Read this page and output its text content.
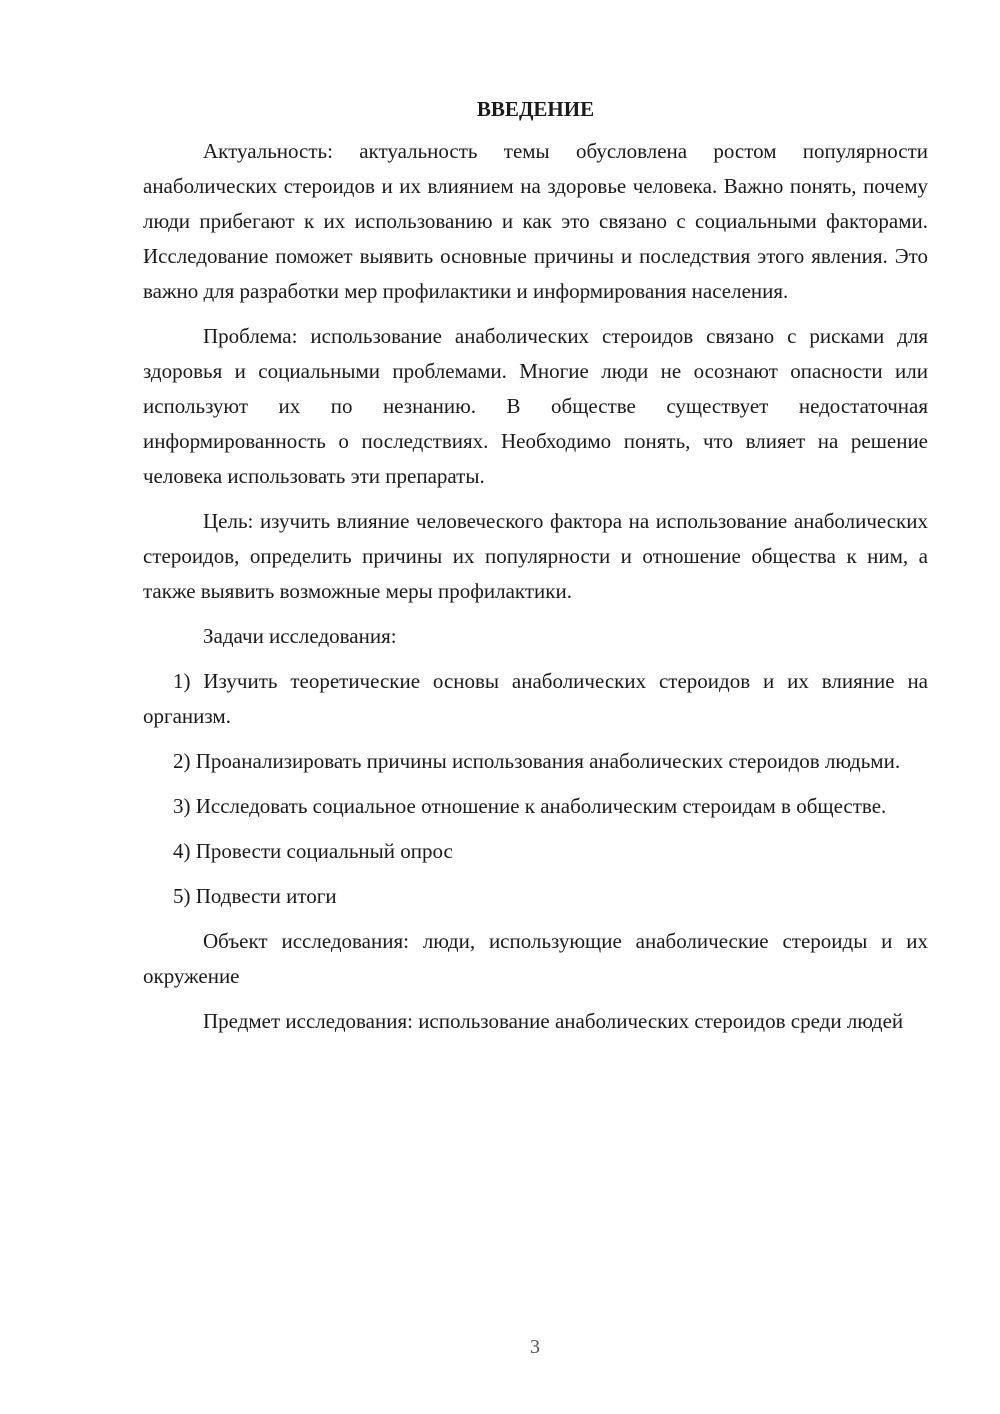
ВВЕДЕНИЕ

Актуальность: актуальность темы обусловлена ростом популярности анаболических стероидов и их влиянием на здоровье человека. Важно понять, почему люди прибегают к их использованию и как это связано с социальными факторами. Исследование поможет выявить основные причины и последствия этого явления. Это важно для разработки мер профилактики и информирования населения.

Проблема: использование анаболических стероидов связано с рисками для здоровья и социальными проблемами. Многие люди не осознают опасности или используют их по незнанию. В обществе существует недостаточная информированность о последствиях. Необходимо понять, что влияет на решение человека использовать эти препараты.

Цель: изучить влияние человеческого фактора на использование анаболических стероидов, определить причины их популярности и отношение общества к ним, а также выявить возможные меры профилактики.

Задачи исследования:

1) Изучить теоретические основы анаболических стероидов и их влияние на организм.

2) Проанализировать причины использования анаболических стероидов людьми.

3) Исследовать социальное отношение к анаболическим стероидам в обществе.

4) Провести социальный опрос

5) Подвести итоги

Объект исследования: люди, использующие анаболические стероиды и их окружение

Предмет исследования: использование анаболических стероидов среди людей

3
